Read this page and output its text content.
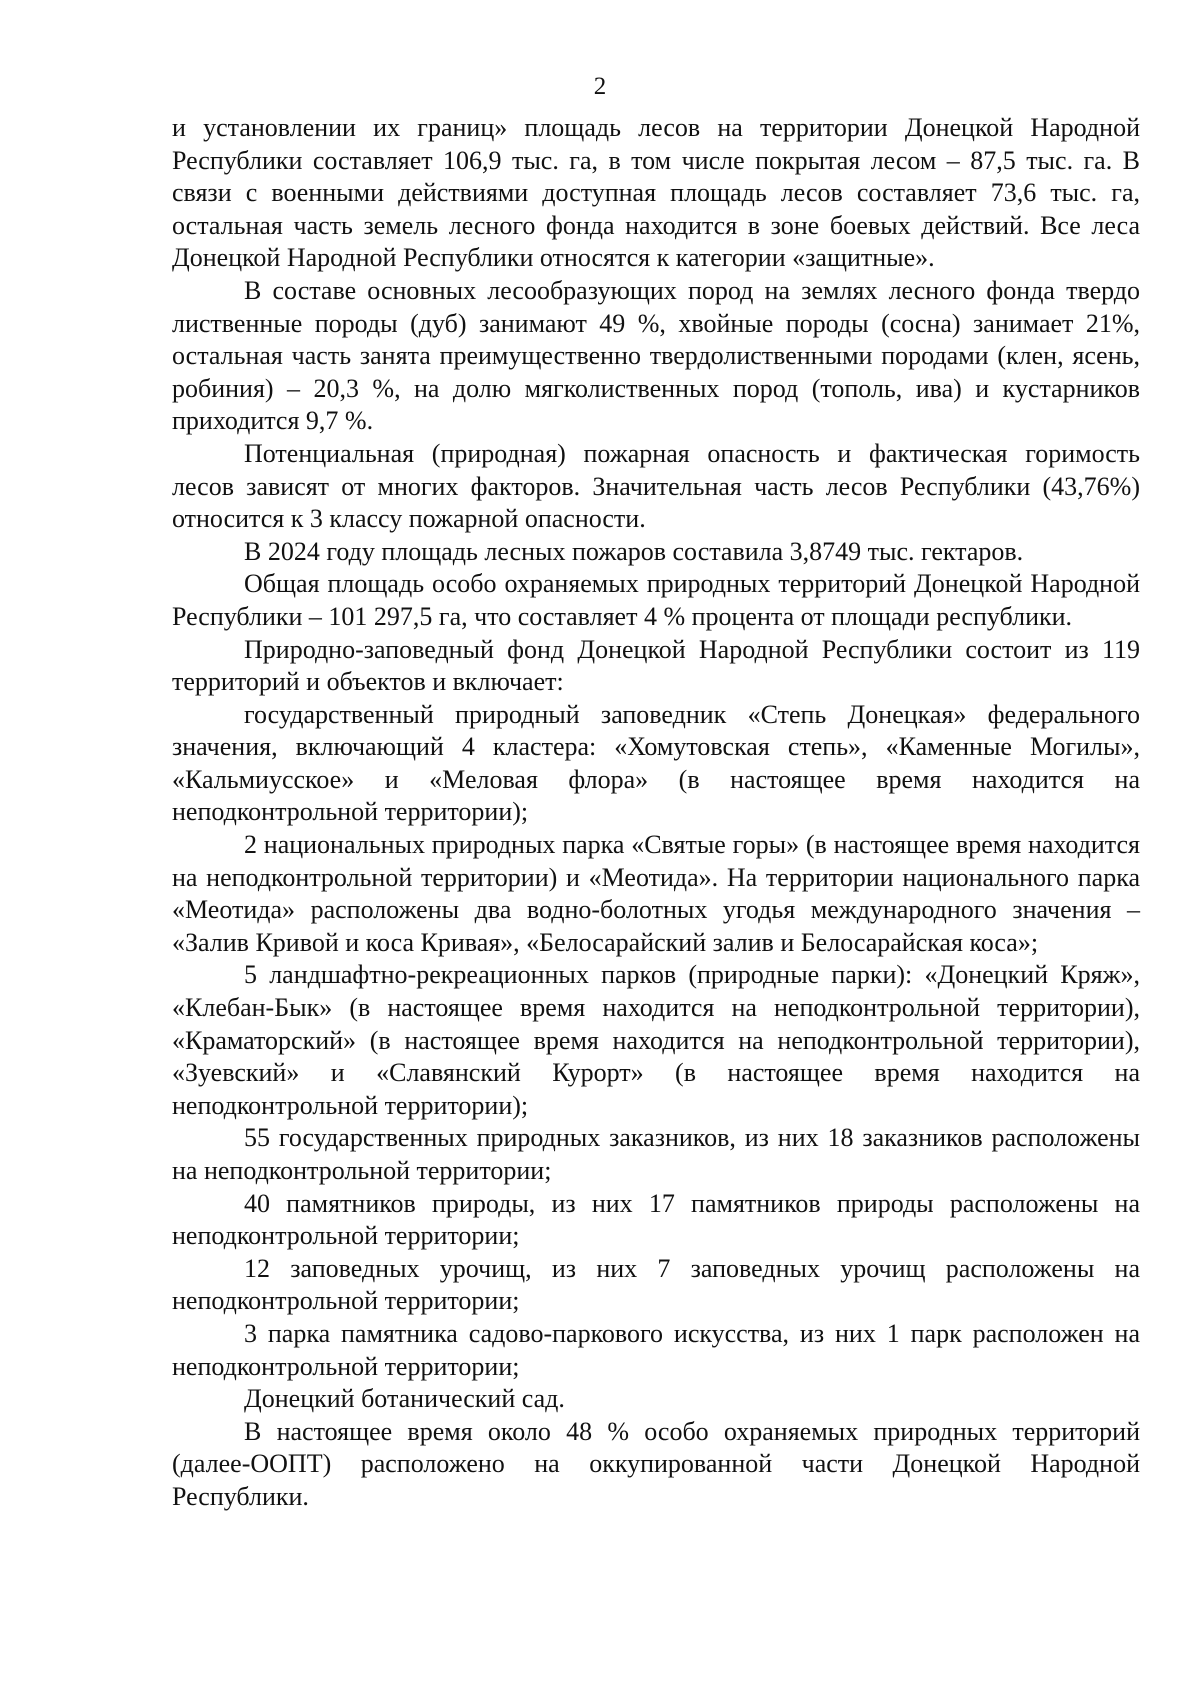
2

и установлении их границ» площадь лесов на территории Донецкой Народной Республики составляет 106,9 тыс. га, в том числе покрытая лесом – 87,5 тыс. га. В связи с военными действиями доступная площадь лесов составляет 73,6 тыс. га, остальная часть земель лесного фонда находится в зоне боевых действий. Все леса Донецкой Народной Республики относятся к категории «защитные».

В составе основных лесообразующих пород на землях лесного фонда твердо лиственные породы (дуб) занимают 49 %, хвойные породы (сосна) занимает 21%, остальная часть занята преимущественно твердолиственными породами (клен, ясень, робиния) – 20,3 %, на долю мягколиственных пород (тополь, ива) и кустарников приходится 9,7 %.

Потенциальная (природная) пожарная опасность и фактическая горимость лесов зависят от многих факторов. Значительная часть лесов Республики (43,76%) относится к 3 классу пожарной опасности.

В 2024 году площадь лесных пожаров составила 3,8749 тыс. гектаров.

Общая площадь особо охраняемых природных территорий Донецкой Народной Республики – 101 297,5 га, что составляет 4 % процента от площади республики.

Природно-заповедный фонд Донецкой Народной Республики состоит из 119 территорий и объектов и включает:

государственный природный заповедник «Степь Донецкая» федерального значения, включающий 4 кластера: «Хомутовская степь», «Каменные Могилы», «Кальмиусское» и «Меловая флора» (в настоящее время находится на неподконтрольной территории);

2 национальных природных парка «Святые горы» (в настоящее время находится на неподконтрольной территории) и «Меотида». На территории национального парка «Меотида» расположены два водно-болотных угодья международного значения – «Залив Кривой и коса Кривая», «Белосарайский залив и Белосарайская коса»;

5 ландшафтно-рекреационных парков (природные парки): «Донецкий Кряж», «Клебан-Бык» (в настоящее время находится на неподконтрольной территории), «Краматорский» (в настоящее время находится на неподконтрольной территории), «Зуевский» и «Славянский Курорт» (в настоящее время находится на неподконтрольной территории);

55 государственных природных заказников, из них 18 заказников расположены на неподконтрольной территории;

40 памятников природы, из них 17 памятников природы расположены на неподконтрольной территории;

12 заповедных урочищ, из них 7 заповедных урочищ расположены на неподконтрольной территории;

3 парка памятника садово-паркового искусства, из них 1 парк расположен на неподконтрольной территории;

Донецкий ботанический сад.

В настоящее время около 48 % особо охраняемых природных территорий (далее-ООПТ) расположено на оккупированной части Донецкой Народной Республики.
